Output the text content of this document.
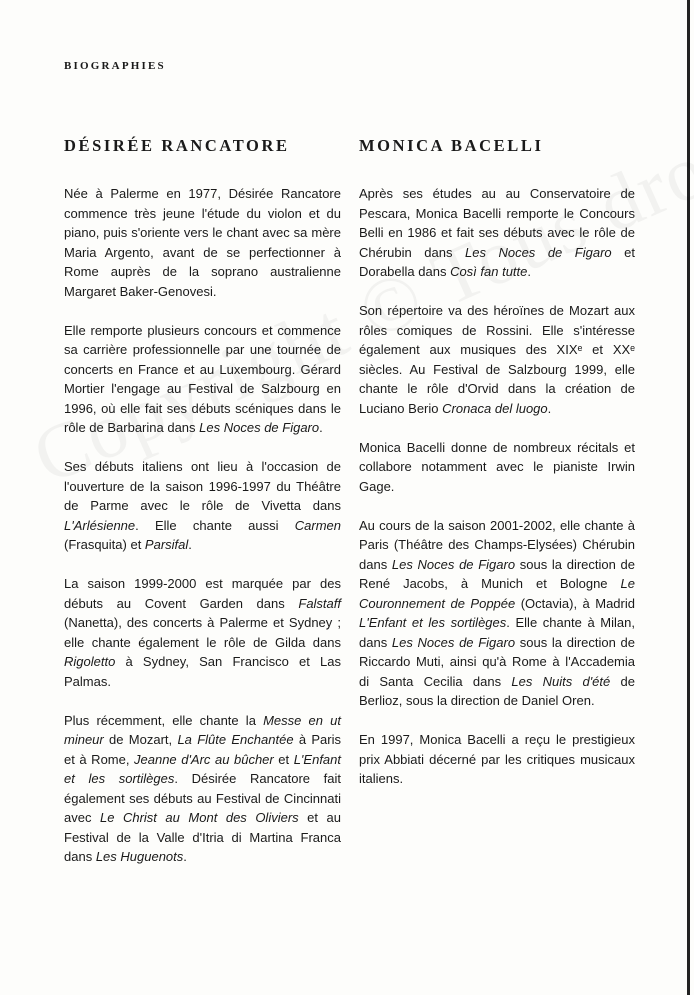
BIOGRAPHIES
DÉSIRÉE RANCATORE

Née à Palerme en 1977, Désirée Rancatore commence très jeune l'étude du violon et du piano, puis s'oriente vers le chant avec sa mère Maria Argento, avant de se perfectionner à Rome auprès de la soprano australienne Margaret Baker-Genovesi.

Elle remporte plusieurs concours et commence sa carrière professionnelle par une tournée de concerts en France et au Luxembourg. Gérard Mortier l'engage au Festival de Salzbourg en 1996, où elle fait ses débuts scéniques dans le rôle de Barbarina dans Les Noces de Figaro.

Ses débuts italiens ont lieu à l'occasion de l'ouverture de la saison 1996-1997 du Théâtre de Parme avec le rôle de Vivetta dans L'Arlésienne. Elle chante aussi Carmen (Frasquita) et Parsifal.

La saison 1999-2000 est marquée par des débuts au Covent Garden dans Falstaff (Nanetta), des concerts à Palerme et Sydney ; elle chante également le rôle de Gilda dans Rigoletto à Sydney, San Francisco et Las Palmas.

Plus récemment, elle chante la Messe en ut mineur de Mozart, La Flûte Enchantée à Paris et à Rome, Jeanne d'Arc au bûcher et L'Enfant et les sortilèges. Désirée Rancatore fait également ses débuts au Festival de Cincinnati avec Le Christ au Mont des Oliviers et au Festival de la Valle d'Itria di Martina Franca dans Les Huguenots.

MONICA BACELLI

Après ses études au au Conservatoire de Pescara, Monica Bacelli remporte le Concours Belli en 1986 et fait ses débuts avec le rôle de Chérubin dans Les Noces de Figaro et Dorabella dans Così fan tutte.

Son répertoire va des héroïnes de Mozart aux rôles comiques de Rossini. Elle s'intéresse également aux musiques des XIXᵉ et XXᵉ siècles. Au Festival de Salzbourg 1999, elle chante le rôle d'Orvid dans la création de Luciano Berio Cronaca del luogo.

Monica Bacelli donne de nombreux récitals et collabore notamment avec le pianiste Irwin Gage.

Au cours de la saison 2001-2002, elle chante à Paris (Théâtre des Champs-Elysées) Chérubin dans Les Noces de Figaro sous la direction de René Jacobs, à Munich et Bologne Le Couronnement de Poppée (Octavia), à Madrid L'Enfant et les sortilèges. Elle chante à Milan, dans Les Noces de Figaro sous la direction de Riccardo Muti, ainsi qu'à Rome à l'Accademia di Santa Cecilia dans Les Nuits d'été de Berlioz, sous la direction de Daniel Oren.

En 1997, Monica Bacelli a reçu le prestigieux prix Abbiati décerné par les critiques musicaux italiens.
